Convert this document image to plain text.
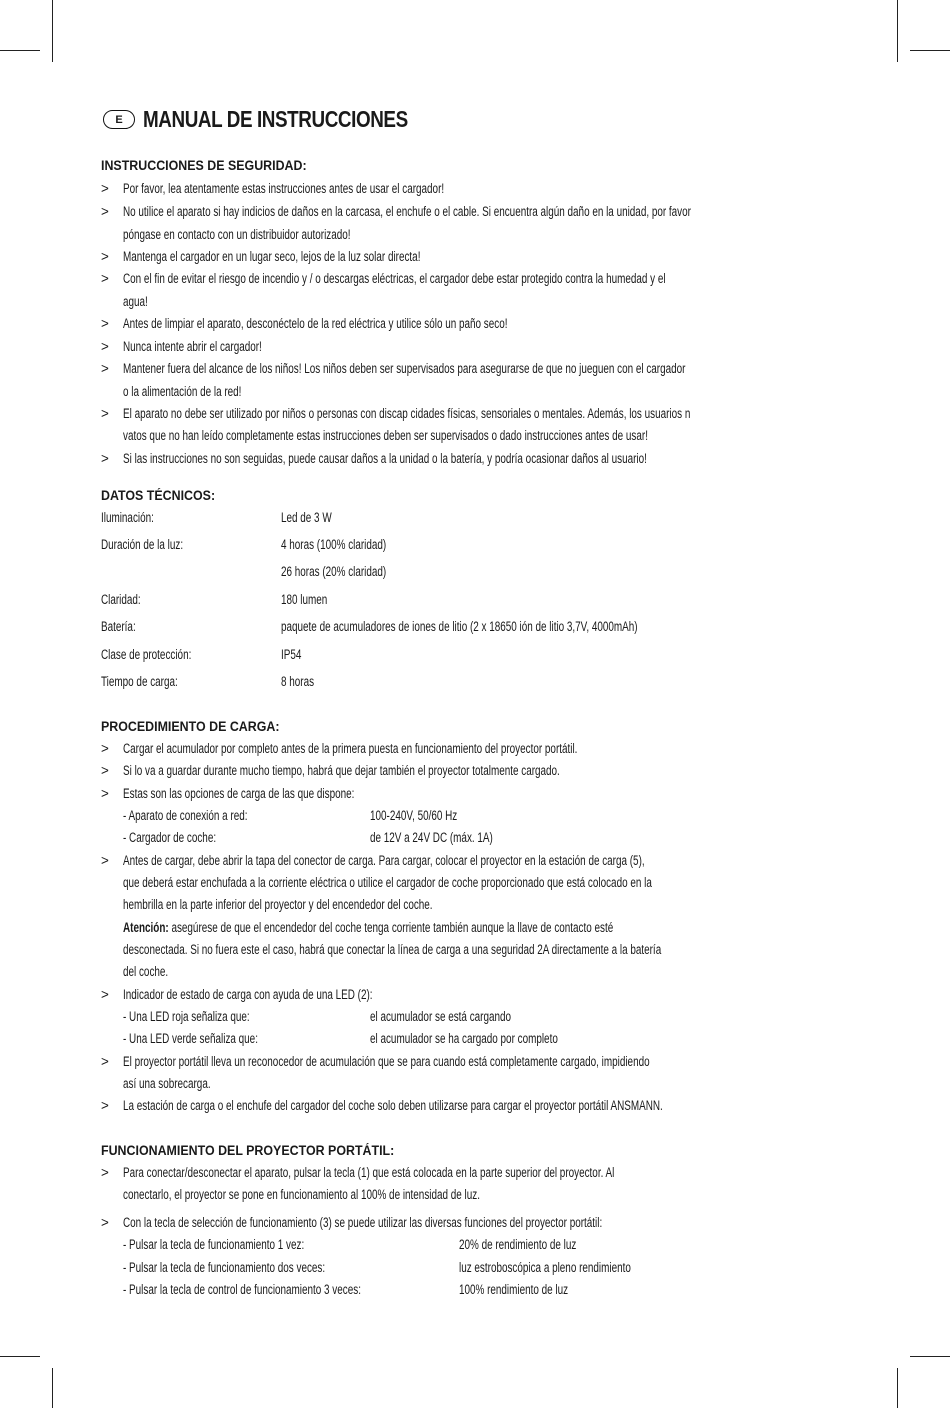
E MANUAL DE INSTRUCCIONES
INSTRUCCIONES DE SEGURIDAD:
> Por favor, lea atentamente estas instrucciones antes de usar el cargador!
> No utilice el aparato si hay indicios de daños en la carcasa, el enchufe o el cable. Si encuentra algún daño en la unidad, por favor
póngase en contacto con un distribuidor autorizado!
> Mantenga el cargador en un lugar seco, lejos de la luz solar directa!
> Con el fin de evitar el riesgo de incendio y / o descargas eléctricas, el cargador debe estar protegido contra la humedad y el
agua!
> Antes de limpiar el aparato, desconéctelo de la red eléctrica y utilice sólo un paño seco!
> Nunca intente abrir el cargador!
> Mantener fuera del alcance de los niños! Los niños deben ser supervisados para asegurarse de que no jueguen con el cargador
o la alimentación de la red!
> El aparato no debe ser utilizado por niños o personas con discap cidades físicas, sensoriales o mentales. Además, los usuarios n
vatos que no han leído completamente estas instrucciones deben ser supervisados o dado instrucciones antes de usar!
> Si las instrucciones no son seguidas, puede causar daños a la unidad o la batería, y podría ocasionar daños al usuario!
DATOS TÉCNICOS:
Iluminación:	Led de 3 W
Duración de la luz:	4 horas (100% claridad)
26 horas (20% claridad)
Claridad:	180 lumen
Batería:	paquete de acumuladores de iones de litio (2 x 18650 ión de litio 3,7V, 4000mAh)
Clase de protección:	IP54
Tiempo de carga:	8 horas
PROCEDIMIENTO DE CARGA:
> Cargar el acumulador por completo antes de la primera puesta en funcionamiento del proyector portátil.
> Si lo va a guardar durante mucho tiempo, habrá que dejar también el proyector totalmente cargado.
> Estas son las opciones de carga de las que dispone:
- Aparato de conexión a red:	100-240V, 50/60 Hz
- Cargador de coche:	de 12V a 24V DC (máx. 1A)
> Antes de cargar, debe abrir la tapa del conector de carga. Para cargar, colocar el proyector en la estación de carga (5),
que deberá estar enchufada a la corriente eléctrica o utilice el cargador de coche proporcionado que está colocado en la
hembrilla en la parte inferior del proyector y del encendedor del coche.
Atención: asegúrese de que el encendedor del coche tenga corriente también aunque la llave de contacto esté
desconectada. Si no fuera este el caso, habrá que conectar la línea de carga a una seguridad 2A directamente a la batería
del coche.
> Indicador de estado de carga con ayuda de una LED (2):
- Una LED roja señaliza que:	el acumulador se está cargando
- Una LED verde señaliza que:	el acumulador se ha cargado por completo
> El proyector portátil lleva un reconocedor de acumulación que se para cuando está completamente cargado, impidiendo
así una sobrecarga.
> La estación de carga o el enchufe del cargador del coche solo deben utilizarse para cargar el proyector portátil ANSMANN.
FUNCIONAMIENTO DEL PROYECTOR PORTÁTIL:
> Para conectar/desconectar el aparato, pulsar la tecla (1) que está colocada en la parte superior del proyector. Al
conectarlo, el proyector se pone en funcionamiento al 100% de intensidad de luz.
> Con la tecla de selección de funcionamiento (3) se puede utilizar las diversas funciones del proyector portátil:
- Pulsar la tecla de funcionamiento 1 vez:	20% de rendimiento de luz
- Pulsar la tecla de funcionamiento dos veces:	luz estroboscópica a pleno rendimiento
- Pulsar la tecla de control de funcionamiento 3 veces:	100% rendimiento de luz
